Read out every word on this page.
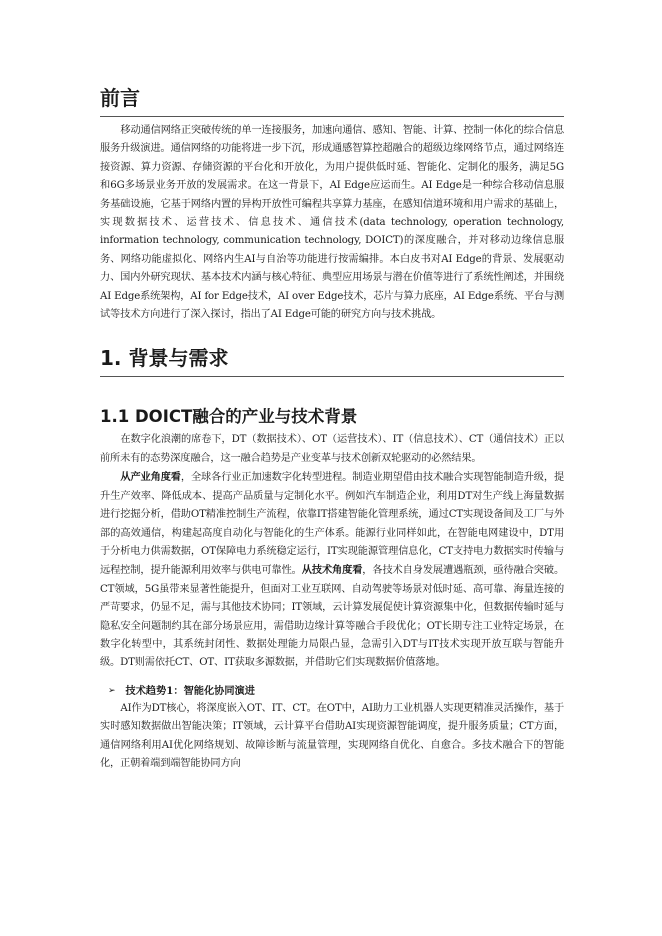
前言

移动通信网络正突破传统的单一连接服务，加速向通信、感知、智能、计算、控制一体化的综合信息服务升级演进。通信网络的功能将进一步下沉，形成通感智算控超融合的超级边缘网络节点，通过网络连接资源、算力资源、存储资源的平台化和开放化，为用户提供低时延、智能化、定制化的服务，满足5G和6G多场景业务开放的发展需求。在这一背景下，AI Edge应运而生。AI Edge是一种综合移动信息服务基础设施，它基于网络内置的异构开放性可编程共享算力基座，在感知信道环境和用户需求的基础上，实现数据技术、运营技术、信息技术、通信技术(data technology, operation technology, information technology, communication technology, DOICT)的深度融合，并对移动边缘信息服务、网络功能虚拟化、网络内生AI与自治等功能进行按需编排。本白皮书对AI Edge的背景、发展驱动力、国内外研究现状、基本技术内涵与核心特征、典型应用场景与潜在价值等进行了系统性阐述，并围绕AI Edge系统架构，AI for Edge技术，AI over Edge技术，芯片与算力底座，AI Edge系统、平台与测试等技术方向进行了深入探讨，指出了AI Edge可能的研究方向与技术挑战。

1. 背景与需求
1.1 DOICT融合的产业与技术背景

在数字化浪潮的席卷下，DT（数据技术）、OT（运营技术）、IT（信息技术）、CT（通信技术）正以前所未有的态势深度融合，这一融合趋势是产业变革与技术创新双轮驱动的必然结果。

从产业角度看，全球各行业正加速数字化转型进程。制造业期望借由技术融合实现智能制造升级，提升生产效率、降低成本、提高产品质量与定制化水平。例如汽车制造企业，利用DT对生产线上海量数据进行挖掘分析，借助OT精准控制生产流程，依靠IT搭建智能化管理系统，通过CT实现设备间及工厂与外部的高效通信，构建起高度自动化与智能化的生产体系。能源行业同样如此，在智能电网建设中，DT用于分析电力供需数据，OT保障电力系统稳定运行，IT实现能源管理信息化，CT支持电力数据实时传输与远程控制，提升能源利用效率与供电可靠性。从技术角度看，各技术自身发展遭遇瓶颈，亟待融合突破。CT领域，5G虽带来显著性能提升，但面对工业互联网、自动驾驶等场景对低时延、高可靠、海量连接的严苛要求，仍显不足，需与其他技术协同；IT领域，云计算发展促使计算资源集中化，但数据传输时延与隐私安全问题制约其在部分场景应用，需借助边缘计算等融合手段优化；OT长期专注工业特定场景，在数字化转型中，其系统封闭性、数据处理能力局限凸显，急需引入DT与IT技术实现开放互联与智能升级。DT则需依托CT、OT、IT获取多源数据，并借助它们实现数据价值落地。

➢ 技术趋势1：智能化协同演进

AI作为DT核心，将深度嵌入OT、IT、CT。在OT中，AI助力工业机器人实现更精准灵活操作，基于实时感知数据做出智能决策；IT领域，云计算平台借助AI实现资源智能调度，提升服务质量；CT方面，通信网络利用AI优化网络规划、故障诊断与流量管理，实现网络自优化、自愈合。多技术融合下的智能化，正朝着端到端智能协同方向
